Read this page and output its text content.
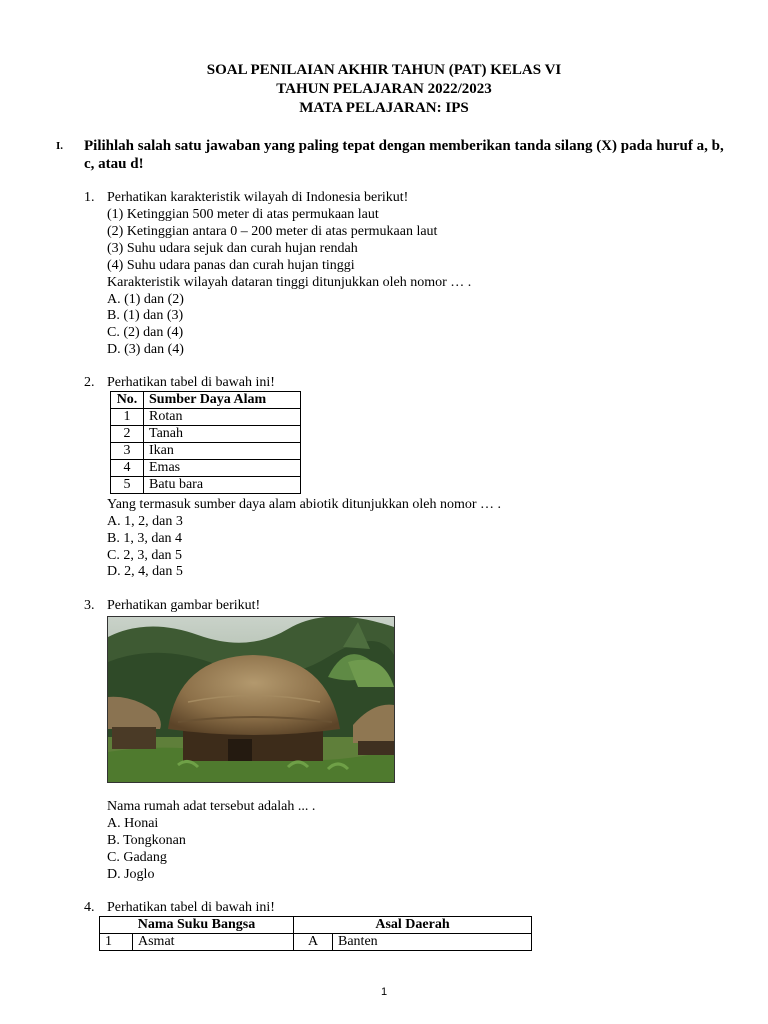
SOAL PENILAIAN AKHIR TAHUN (PAT) KELAS VI
TAHUN PELAJARAN 2022/2023
MATA PELAJARAN: IPS
I. Pilihlah salah satu jawaban yang paling tepat dengan memberikan tanda silang (X) pada huruf a, b, c, atau d!
1. Perhatikan karakteristik wilayah di Indonesia berikut!
(1) Ketinggian 500 meter di atas permukaan laut
(2) Ketinggian antara 0 – 200 meter di atas permukaan laut
(3) Suhu udara sejuk dan curah hujan rendah
(4) Suhu udara panas dan curah hujan tinggi
Karakteristik wilayah dataran tinggi ditunjukkan oleh nomor … .
A. (1) dan (2)
B. (1) dan (3)
C. (2) dan (4)
D. (3) dan (4)
2. Perhatikan tabel di bawah ini!
No.	Sumber Daya Alam
1	Rotan
2	Tanah
3	Ikan
4	Emas
5	Batu bara
Yang termasuk sumber daya alam abiotik ditunjukkan oleh nomor … .
A. 1, 2, dan 3
B. 1, 3, dan 4
C. 2, 3, dan 5
D. 2, 4, dan 5
3. Perhatikan gambar berikut!
Nama rumah adat tersebut adalah ... .
A. Honai
B. Tongkonan
C. Gadang
D. Joglo
4. Perhatikan tabel di bawah ini!
Nama Suku Bangsa		Asal Daerah	
1	Asmat	A	Banten
1
